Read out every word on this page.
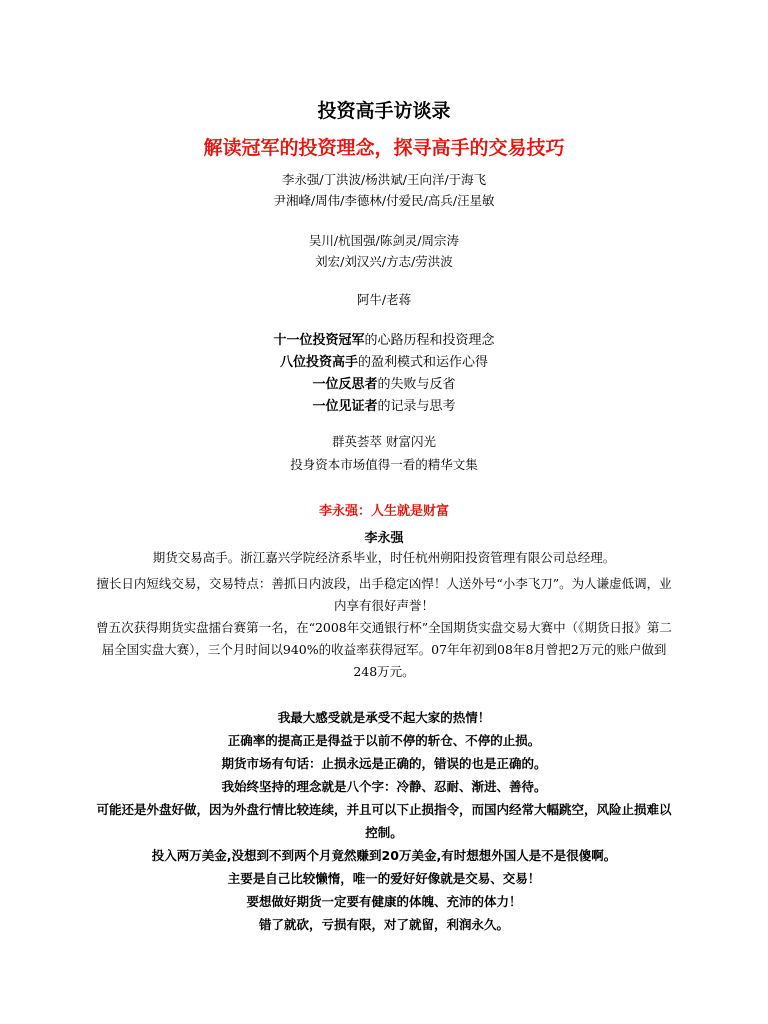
投资高手访谈录
解读冠军的投资理念，探寻高手的交易技巧
李永强/丁洪波/杨洪斌/王向洋/于海飞
尹湘峰/周伟/李德林/付爱民/高兵/汪星敏
吴川/杭国强/陈剑灵/周宗涛
刘宏/刘汉兴/方志/劳洪波
阿牛/老蒋
十一位投资冠军的心路历程和投资理念
八位投资高手的盈利模式和运作心得
一位反思者的失败与反省
一位见证者的记录与思考
群英荟萃 财富闪光
投身资本市场值得一看的精华文集
李永强：人生就是财富
李永强

期货交易高手。浙江嘉兴学院经济系毕业，时任杭州朔阳投资管理有限公司总经理。

擅长日内短线交易，交易特点：善抓日内波段，出手稳定凶悍！人送外号“小李飞刀”。为人谦虚低调，业内享有很好声誉！

曾五次获得期货实盘擂台赛第一名，在“2008年交通银行杯”全国期货实盘交易大赛中（《期货日报》第二届全国实盘大赛），三个月时间以940%的收益率获得冠军。07年年初到08年8月曾把2万元的账户做到248万元。

我最大感受就是承受不起大家的热情！

正确率的提高正是得益于以前不停的斩仓、不停的止损。

期货市场有句话：止损永远是正确的，错误的也是正确的。

我始终坚持的理念就是八个字：冷静、忍耐、渐进、善待。

可能还是外盘好做，因为外盘行情比较连续，并且可以下止损指令，而国内经常大幅跳空，风险止损难以控制。

投入两万美金,没想到不到两个月竟然赚到20万美金,有时想想外国人是不是很傻啊。

主要是自己比较懒惰，唯一的爱好好像就是交易、交易！

要想做好期货一定要有健康的体魄、充沛的体力！

错了就砍，亏损有限，对了就留，利润永久。
